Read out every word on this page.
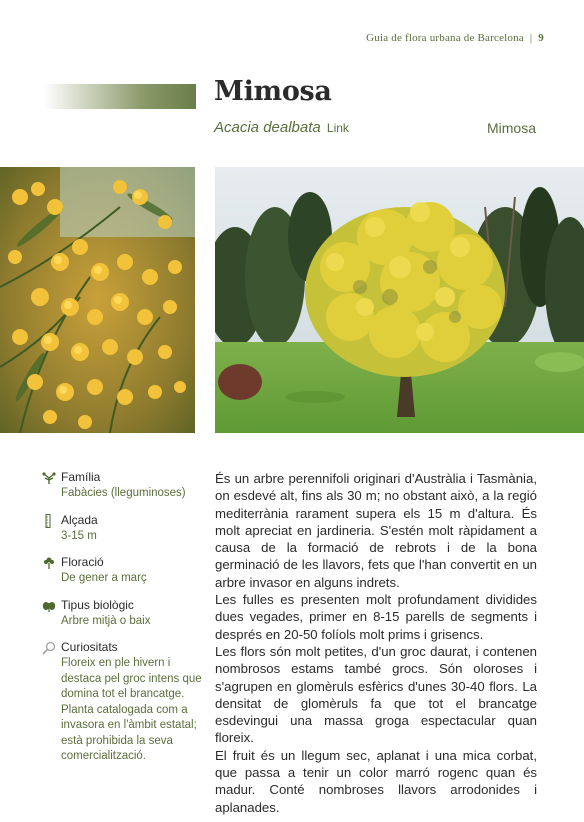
Guia de flora urbana de Barcelona | 9
Mimosa
Acacia dealbata Link	Mimosa
Família
Fabàcies (lleguminoses)
Alçada
3-15 m
Floració
De gener a març
Tipus biològic
Arbre mitjà o baix
Curiositats
Floreix en ple hivern i destaca pel groc intens que domina tot el brancatge. Planta catalogada com a invasora en l'àmbit estatal; està prohibida la seva comercialització.

És un arbre perennifoli originari d'Austràlia i Tasmània, on esdevé alt, fins als 30 m; no obstant això, a la regió mediterrània rarament supera els 15 m d'altura. És molt apreciat en jardineria. S'estén molt ràpidament a causa de la formació de rebrots i de la bona germinació de les llavors, fets que l'han convertit en un arbre invasor en alguns indrets.

Les fulles es presenten molt profundament dividides dues vegades, primer en 8-15 parells de segments i després en 20-50 folíols molt prims i grisencs.

Les flors són molt petites, d'un groc daurat, i contenen nombrosos estams també grocs. Són oloroses i s'agrupen en glomèruls esfèrics d'unes 30-40 flors. La densitat de glomèruls fa que tot el brancatge esdevingui una massa groga espectacular quan floreix.

El fruit és un llegum sec, aplanat i una mica corbat, que passa a tenir un color marró rogenc quan és madur. Conté nombroses llavors arrodonides i aplanades.
